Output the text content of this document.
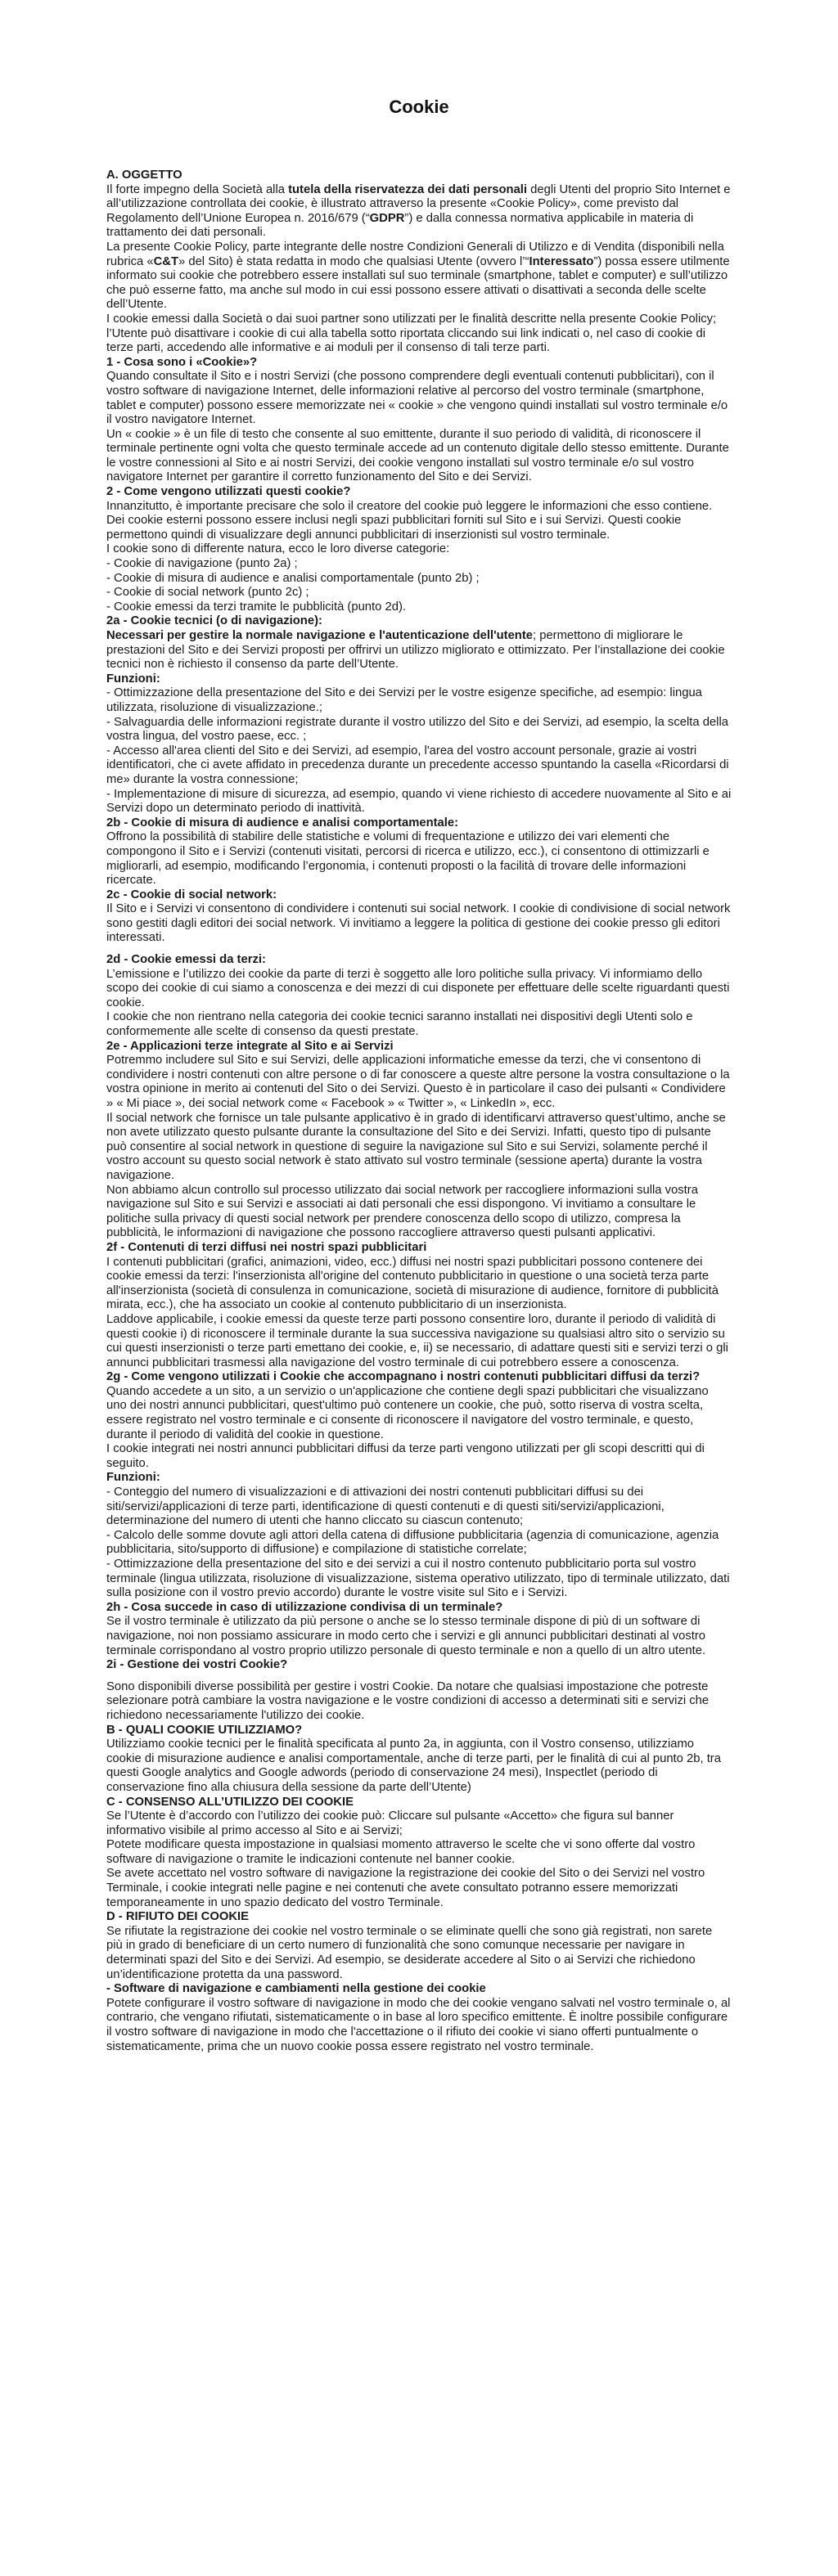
Cookie

A. OGGETTO

Il forte impegno della Società alla tutela della riservatezza dei dati personali degli Utenti del proprio Sito Internet e all’utilizzazione controllata dei cookie, è illustrato attraverso la presente «Cookie Policy», come previsto dal Regolamento dell’Unione Europea n. 2016/679 (“GDPR”) e dalla connessa normativa applicabile in materia di trattamento dei dati personali.

La presente Cookie Policy, parte integrante delle nostre Condizioni Generali di Utilizzo e di Vendita (disponibili nella rubrica «C&T» del Sito) è stata redatta in modo che qualsiasi Utente (ovvero l’“Interessato”) possa essere utilmente informato sui cookie che potrebbero essere installati sul suo terminale (smartphone, tablet e computer) e sull’utilizzo che può esserne fatto, ma anche sul modo in cui essi possono essere attivati o disattivati a seconda delle scelte dell’Utente.

I cookie emessi dalla Società o dai suoi partner sono utilizzati per le finalità descritte nella presente Cookie Policy; l’Utente può disattivare i cookie di cui alla tabella sotto riportata cliccando sui link indicati o, nel caso di cookie di terze parti, accedendo alle informative e ai moduli per il consenso di tali terze parti.

1 - Cosa sono i «Cookie»?

Quando consultate il Sito e i nostri Servizi (che possono comprendere degli eventuali contenuti pubblicitari), con il vostro software di navigazione Internet, delle informazioni relative al percorso del vostro terminale (smartphone, tablet e computer) possono essere memorizzate nei « cookie » che vengono quindi installati sul vostro terminale e/o il vostro navigatore Internet.

Un « cookie » è un file di testo che consente al suo emittente, durante il suo periodo di validità, di riconoscere il terminale pertinente ogni volta che questo terminale accede ad un contenuto digitale dello stesso emittente. Durante le vostre connessioni al Sito e ai nostri Servizi, dei cookie vengono installati sul vostro terminale e/o sul vostro navigatore Internet per garantire il corretto funzionamento del Sito e dei Servizi.

2 - Come vengono utilizzati questi cookie?

Innanzitutto, è importante precisare che solo il creatore del cookie può leggere le informazioni che esso contiene. Dei cookie esterni possono essere inclusi negli spazi pubblicitari forniti sul Sito e i sui Servizi. Questi cookie permettono quindi di visualizzare degli annunci pubblicitari di inserzionisti sul vostro terminale.

I cookie sono di differente natura, ecco le loro diverse categorie:

- Cookie di navigazione (punto 2a) ;

- Cookie di misura di audience e analisi comportamentale (punto 2b) ;

- Cookie di social network (punto 2c) ;

- Cookie emessi da terzi tramite le pubblicità (punto 2d).

2a - Cookie tecnici (o di navigazione):

Necessari per gestire la normale navigazione e l'autenticazione dell'utente; permettono di migliorare le prestazioni del Sito e dei Servizi proposti per offrirvi un utilizzo migliorato e ottimizzato. Per l’installazione dei cookie tecnici non è richiesto il consenso da parte dell’Utente.

Funzioni:

- Ottimizzazione della presentazione del Sito e dei Servizi per le vostre esigenze specifiche, ad esempio: lingua utilizzata, risoluzione di visualizzazione.;

- Salvaguardia delle informazioni registrate durante il vostro utilizzo del Sito e dei Servizi, ad esempio, la scelta della vostra lingua, del vostro paese, ecc. ;

- Accesso all'area clienti del Sito e dei Servizi, ad esempio, l'area del vostro account personale, grazie ai vostri identificatori, che ci avete affidato in precedenza durante un precedente accesso spuntando la casella «Ricordarsi di me» durante la vostra connessione;

- Implementazione di misure di sicurezza, ad esempio, quando vi viene richiesto di accedere nuovamente al Sito e ai Servizi dopo un determinato periodo di inattività.

2b - Cookie di misura di audience e analisi comportamentale:

Offrono la possibilità di stabilire delle statistiche e volumi di frequentazione e utilizzo dei vari elementi che compongono il Sito e i Servizi (contenuti visitati, percorsi di ricerca e utilizzo, ecc.), ci consentono di ottimizzarli e migliorarli, ad esempio, modificando l’ergonomia, i contenuti proposti o la facilità di trovare delle informazioni ricercate.

2c - Cookie di social network:

Il Sito e i Servizi vi consentono di condividere i contenuti sui social network. I cookie di condivisione di social network sono gestiti dagli editori dei social network. Vi invitiamo a leggere la politica di gestione dei cookie presso gli editori interessati.

2d - Cookie emessi da terzi:

L’emissione e l’utilizzo dei cookie da parte di terzi è soggetto alle loro politiche sulla privacy. Vi informiamo dello scopo dei cookie di cui siamo a conoscenza e dei mezzi di cui disponete per effettuare delle scelte riguardanti questi cookie.

I cookie che non rientrano nella categoria dei cookie tecnici saranno installati nei dispositivi degli Utenti solo e conformemente alle scelte di consenso da questi prestate.

2e - Applicazioni terze integrate al Sito e ai Servizi

Potremmo includere sul Sito e sui Servizi, delle applicazioni informatiche emesse da terzi, che vi consentono di condividere i nostri contenuti con altre persone o di far conoscere a queste altre persone la vostra consultazione o la vostra opinione in merito ai contenuti del Sito o dei Servizi. Questo è in particolare il caso dei pulsanti « Condividere » « Mi piace », dei social network come « Facebook » « Twitter », « LinkedIn », ecc.

Il social network che fornisce un tale pulsante applicativo è in grado di identificarvi attraverso quest’ultimo, anche se non avete utilizzato questo pulsante durante la consultazione del Sito e dei Servizi. Infatti, questo tipo di pulsante può consentire al social network in questione di seguire la navigazione sul Sito e sui Servizi, solamente perché il vostro account su questo social network è stato attivato sul vostro terminale (sessione aperta) durante la vostra navigazione.

Non abbiamo alcun controllo sul processo utilizzato dai social network per raccogliere informazioni sulla vostra navigazione sul Sito e sui Servizi e associati ai dati personali che essi dispongono. Vi invitiamo a consultare le politiche sulla privacy di questi social network per prendere conoscenza dello scopo di utilizzo, compresa la pubblicità, le informazioni di navigazione che possono raccogliere attraverso questi pulsanti applicativi.

2f - Contenuti di terzi diffusi nei nostri spazi pubblicitari

I contenuti pubblicitari (grafici, animazioni, video, ecc.) diffusi nei nostri spazi pubblicitari possono contenere dei cookie emessi da terzi: l'inserzionista all'origine del contenuto pubblicitario in questione o una società terza parte all'inserzionista (società di consulenza in comunicazione, società di misurazione di audience, fornitore di pubblicità mirata, ecc.), che ha associato un cookie al contenuto pubblicitario di un inserzionista.

Laddove applicabile, i cookie emessi da queste terze parti possono consentire loro, durante il periodo di validità di questi cookie i) di riconoscere il terminale durante la sua successiva navigazione su qualsiasi altro sito o servizio su cui questi inserzionisti o terze parti emettano dei cookie, e, ii) se necessario, di adattare questi siti e servizi terzi o gli annunci pubblicitari trasmessi alla navigazione del vostro terminale di cui potrebbero essere a conoscenza.

2g - Come vengono utilizzati i Cookie che accompagnano i nostri contenuti pubblicitari diffusi da terzi?

Quando accedete a un sito, a un servizio o un'applicazione che contiene degli spazi pubblicitari che visualizzano uno dei nostri annunci pubblicitari, quest'ultimo può contenere un cookie, che può, sotto riserva di vostra scelta, essere registrato nel vostro terminale e ci consente di riconoscere il navigatore del vostro terminale, e questo, durante il periodo di validità del cookie in questione.

I cookie integrati nei nostri annunci pubblicitari diffusi da terze parti vengono utilizzati per gli scopi descritti qui di seguito.

Funzioni:

- Conteggio del numero di visualizzazioni e di attivazioni dei nostri contenuti pubblicitari diffusi su dei siti/servizi/applicazioni di terze parti, identificazione di questi contenuti e di questi siti/servizi/applicazioni, determinazione del numero di utenti che hanno cliccato su ciascun contenuto;

- Calcolo delle somme dovute agli attori della catena di diffusione pubblicitaria (agenzia di comunicazione, agenzia pubblicitaria, sito/supporto di diffusione) e compilazione di statistiche correlate;

- Ottimizzazione della presentazione del sito e dei servizi a cui il nostro contenuto pubblicitario porta sul vostro terminale (lingua utilizzata, risoluzione di visualizzazione, sistema operativo utilizzato, tipo di terminale utilizzato, dati sulla posizione con il vostro previo accordo) durante le vostre visite sul Sito e i Servizi.

2h - Cosa succede in caso di utilizzazione condivisa di un terminale?

Se il vostro terminale è utilizzato da più persone o anche se lo stesso terminale dispone di più di un software di navigazione, noi non possiamo assicurare in modo certo che i servizi e gli annunci pubblicitari destinati al vostro terminale corrispondano al vostro proprio utilizzo personale di questo terminale e non a quello di un altro utente.

2i - Gestione dei vostri Cookie?

Sono disponibili diverse possibilità per gestire i vostri Cookie. Da notare che qualsiasi impostazione che potreste selezionare potrà cambiare la vostra navigazione e le vostre condizioni di accesso a determinati siti e servizi che richiedono necessariamente l'utilizzo dei cookie.

B - QUALI COOKIE UTILIZZIAMO?

Utilizziamo cookie tecnici per le finalità specificata al punto 2a, in aggiunta, con il Vostro consenso, utilizziamo cookie di misurazione audience e analisi comportamentale, anche di terze parti, per le finalità di cui al punto 2b, tra questi Google analytics and Google adwords (periodo di conservazione 24 mesi), Inspectlet (periodo di conservazione fino alla chiusura della sessione da parte dell’Utente)

C - CONSENSO ALL’UTILIZZO DEI COOKIE

Se l’Utente è d’accordo con l’utilizzo dei cookie può: Cliccare sul pulsante «Accetto» che figura sul banner informativo visibile al primo accesso al Sito e ai Servizi;

Potete modificare questa impostazione in qualsiasi momento attraverso le scelte che vi sono offerte dal vostro software di navigazione o tramite le indicazioni contenute nel banner cookie.

Se avete accettato nel vostro software di navigazione la registrazione dei cookie del Sito o dei Servizi nel vostro Terminale, i cookie integrati nelle pagine e nei contenuti che avete consultato potranno essere memorizzati temporaneamente in uno spazio dedicato del vostro Terminale.

D - RIFIUTO DEI COOKIE

Se rifiutate la registrazione dei cookie nel vostro terminale o se eliminate quelli che sono già registrati, non sarete più in grado di beneficiare di un certo numero di funzionalità che sono comunque necessarie per navigare in determinati spazi del Sito e dei Servizi. Ad esempio, se desiderate accedere al Sito o ai Servizi che richiedono un’identificazione protetta da una password.

- Software di navigazione e cambiamenti nella gestione dei cookie

Potete configurare il vostro software di navigazione in modo che dei cookie vengano salvati nel vostro terminale o, al contrario, che vengano rifiutati, sistematicamente o in base al loro specifico emittente. È inoltre possibile configurare il vostro software di navigazione in modo che l'accettazione o il rifiuto dei cookie vi siano offerti puntualmente o sistematicamente, prima che un nuovo cookie possa essere registrato nel vostro terminale.
